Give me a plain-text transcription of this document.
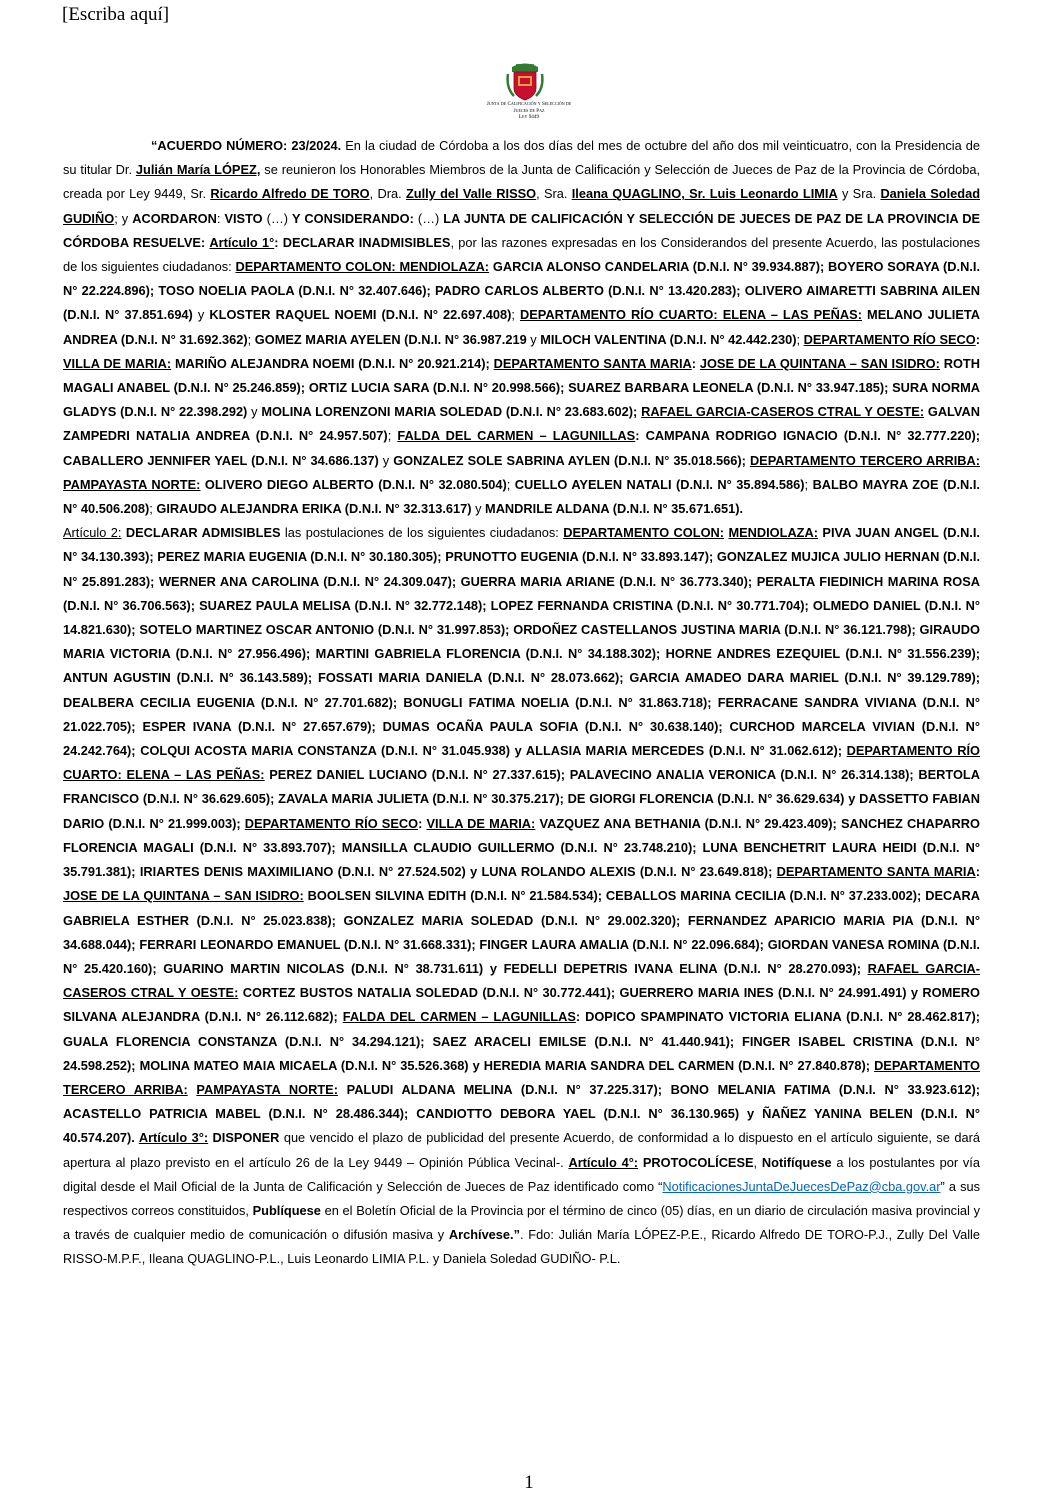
[Escriba aquí]
Junta de Calificación y Selección de
Jueces de Paz
Ley 9449

“ACUERDO NÚMERO: 23/2024. En la ciudad de Córdoba a los dos días del mes de octubre del año dos mil veinticuatro, con la Presidencia de su titular Dr. Julián María LÓPEZ, se reunieron los Honorables Miembros de la Junta de Calificación y Selección de Jueces de Paz de la Provincia de Córdoba, creada por Ley 9449, Sr. Ricardo Alfredo DE TORO, Dra. Zully del Valle RISSO, Sra. Ileana QUAGLINO, Sr. Luis Leonardo LIMIA y Sra. Daniela Soledad GUDIÑO; y ACORDARON: VISTO (…) Y CONSIDERANDO: (…) LA JUNTA DE CALIFICACIÓN Y SELECCIÓN DE JUECES DE PAZ DE LA PROVINCIA DE CÓRDOBA RESUELVE: Artículo 1°: DECLARAR INADMISIBLES, por las razones expresadas en los Considerandos del presente Acuerdo, las postulaciones de los siguientes ciudadanos: DEPARTAMENTO COLON: MENDIOLAZA: GARCIA ALONSO CANDELARIA (D.N.I. N° 39.934.887); BOYERO SORAYA (D.N.I. N° 22.224.896); TOSO NOELIA PAOLA (D.N.I. N° 32.407.646); PADRO CARLOS ALBERTO (D.N.I. N° 13.420.283); OLIVERO AIMARETTI SABRINA AILEN (D.N.I. N° 37.851.694) y KLOSTER RAQUEL NOEMI (D.N.I. N° 22.697.408); DEPARTAMENTO RÍO CUARTO: ELENA – LAS PEÑAS: MELANO JULIETA ANDREA (D.N.I. N° 31.692.362); GOMEZ MARIA AYELEN (D.N.I. N° 36.987.219 y MILOCH VALENTINA (D.N.I. N° 42.442.230); DEPARTAMENTO RÍO SECO: VILLA DE MARIA: MARIÑO ALEJANDRA NOEMI (D.N.I. N° 20.921.214); DEPARTAMENTO SANTA MARIA: JOSE DE LA QUINTANA – SAN ISIDRO: ROTH MAGALI ANABEL (D.N.I. N° 25.246.859); ORTIZ LUCIA SARA (D.N.I. N° 20.998.566); SUAREZ BARBARA LEONELA (D.N.I. N° 33.947.185); SURA NORMA GLADYS (D.N.I. N° 22.398.292) y MOLINA LORENZONI MARIA SOLEDAD (D.N.I. N° 23.683.602); RAFAEL GARCIA-CASEROS CTRAL Y OESTE: GALVAN ZAMPEDRI NATALIA ANDREA (D.N.I. N° 24.957.507); FALDA DEL CARMEN – LAGUNILLAS: CAMPANA RODRIGO IGNACIO (D.N.I. N° 32.777.220); CABALLERO JENNIFER YAEL (D.N.I. N° 34.686.137) y GONZALEZ SOLE SABRINA AYLEN (D.N.I. N° 35.018.566); DEPARTAMENTO TERCERO ARRIBA: PAMPAYASTA NORTE: OLIVERO DIEGO ALBERTO (D.N.I. N° 32.080.504); CUELLO AYELEN NATALI (D.N.I. N° 35.894.586); BALBO MAYRA ZOE (D.N.I. N° 40.506.208); GIRAUDO ALEJANDRA ERIKA (D.N.I. N° 32.313.617) y MANDRILE ALDANA (D.N.I. N° 35.671.651).

Artículo 2: DECLARAR ADMISIBLES las postulaciones de los siguientes ciudadanos: DEPARTAMENTO COLON: MENDIOLAZA: PIVA JUAN ANGEL (D.N.I. N° 34.130.393); PEREZ MARIA EUGENIA (D.N.I. N° 30.180.305); PRUNOTTO EUGENIA (D.N.I. N° 33.893.147); GONZALEZ MUJICA JULIO HERNAN (D.N.I. N° 25.891.283); WERNER ANA CAROLINA (D.N.I. N° 24.309.047); GUERRA MARIA ARIANE (D.N.I. N° 36.773.340); PERALTA FIEDINICH MARINA ROSA (D.N.I. N° 36.706.563); SUAREZ PAULA MELISA (D.N.I. N° 32.772.148); LOPEZ FERNANDA CRISTINA (D.N.I. N° 30.771.704); OLMEDO DANIEL (D.N.I. N° 14.821.630); SOTELO MARTINEZ OSCAR ANTONIO (D.N.I. N° 31.997.853); ORDOÑEZ CASTELLANOS JUSTINA MARIA (D.N.I. N° 36.121.798); GIRAUDO MARIA VICTORIA (D.N.I. N° 27.956.496); MARTINI GABRIELA FLORENCIA (D.N.I. N° 34.188.302); HORNE ANDRES EZEQUIEL (D.N.I. N° 31.556.239); ANTUN AGUSTIN (D.N.I. N° 36.143.589); FOSSATI MARIA DANIELA (D.N.I. N° 28.073.662); GARCIA AMADEO DARA MARIEL (D.N.I. N° 39.129.789); DEALBERA CECILIA EUGENIA (D.N.I. N° 27.701.682); BONUGLI FATIMA NOELIA (D.N.I. N° 31.863.718); FERRACANE SANDRA VIVIANA (D.N.I. N° 21.022.705); ESPER IVANA (D.N.I. N° 27.657.679); DUMAS OCAÑA PAULA SOFIA (D.N.I. N° 30.638.140); CURCHOD MARCELA VIVIAN (D.N.I. N° 24.242.764); COLQUI ACOSTA MARIA CONSTANZA (D.N.I. N° 31.045.938) y ALLASIA MARIA MERCEDES (D.N.I. N° 31.062.612); DEPARTAMENTO RÍO CUARTO: ELENA – LAS PEÑAS: PEREZ DANIEL LUCIANO (D.N.I. N° 27.337.615); PALAVECINO ANALIA VERONICA (D.N.I. N° 26.314.138); BERTOLA FRANCISCO (D.N.I. N° 36.629.605); ZAVALA MARIA JULIETA (D.N.I. N° 30.375.217); DE GIORGI FLORENCIA (D.N.I. N° 36.629.634) y DASSETTO FABIAN DARIO (D.N.I. N° 21.999.003); DEPARTAMENTO RÍO SECO: VILLA DE MARIA: VAZQUEZ ANA BETHANIA (D.N.I. N° 29.423.409); SANCHEZ CHAPARRO FLORENCIA MAGALI (D.N.I. N° 33.893.707); MANSILLA CLAUDIO GUILLERMO (D.N.I. N° 23.748.210); LUNA BENCHETRIT LAURA HEIDI (D.N.I. N° 35.791.381); IRIARTES DENIS MAXIMILIANO (D.N.I. N° 27.524.502) y LUNA ROLANDO ALEXIS (D.N.I. N° 23.649.818); DEPARTAMENTO SANTA MARIA: JOSE DE LA QUINTANA – SAN ISIDRO: BOOLSEN SILVINA EDITH (D.N.I. N° 21.584.534); CEBALLOS MARINA CECILIA (D.N.I. N° 37.233.002); DECARA GABRIELA ESTHER (D.N.I. N° 25.023.838); GONZALEZ MARIA SOLEDAD (D.N.I. N° 29.002.320); FERNANDEZ APARICIO MARIA PIA (D.N.I. N° 34.688.044); FERRARI LEONARDO EMANUEL (D.N.I. N° 31.668.331); FINGER LAURA AMALIA (D.N.I. N° 22.096.684); GIORDAN VANESA ROMINA (D.N.I. N° 25.420.160); GUARINO MARTIN NICOLAS (D.N.I. N° 38.731.611) y FEDELLI DEPETRIS IVANA ELINA (D.N.I. N° 28.270.093); RAFAEL GARCIA-CASEROS CTRAL Y OESTE: CORTEZ BUSTOS NATALIA SOLEDAD (D.N.I. N° 30.772.441); GUERRERO MARIA INES (D.N.I. N° 24.991.491) y ROMERO SILVANA ALEJANDRA (D.N.I. N° 26.112.682); FALDA DEL CARMEN – LAGUNILLAS: DOPICO SPAMPINATO VICTORIA ELIANA (D.N.I. N° 28.462.817); GUALA FLORENCIA CONSTANZA (D.N.I. N° 34.294.121); SAEZ ARACELI EMILSE (D.N.I. N° 41.440.941); FINGER ISABEL CRISTINA (D.N.I. N° 24.598.252); MOLINA MATEO MAIA MICAELA (D.N.I. N° 35.526.368) y HEREDIA MARIA SANDRA DEL CARMEN (D.N.I. N° 27.840.878); DEPARTAMENTO TERCERO ARRIBA: PAMPAYASTA NORTE: PALUDI ALDANA MELINA (D.N.I. N° 37.225.317); BONO MELANIA FATIMA (D.N.I. N° 33.923.612); ACASTELLO PATRICIA MABEL (D.N.I. N° 28.486.344); CANDIOTTO DEBORA YAEL (D.N.I. N° 36.130.965) y ÑAÑEZ YANINA BELEN (D.N.I. N° 40.574.207). Artículo 3°: DISPONER que vencido el plazo de publicidad del presente Acuerdo, de conformidad a lo dispuesto en el artículo siguiente, se dará apertura al plazo previsto en el artículo 26 de la Ley 9449 – Opinión Pública Vecinal-. Artículo 4°: PROTOCOLÍCESE, Notifíquese a los postulantes por vía digital desde el Mail Oficial de la Junta de Calificación y Selección de Jueces de Paz identificado como “NotificacionesJuntaDeJuecesDePaz@cba.gov.ar” a sus respectivos correos constituidos, Publíquese en el Boletín Oficial de la Provincia por el término de cinco (05) días, en un diario de circulación masiva provincial y a través de cualquier medio de comunicación o difusión masiva y Archívese.”. Fdo: Julián María LÓPEZ-P.E., Ricardo Alfredo DE TORO-P.J., Zully Del Valle RISSO-M.P.F., Ileana QUAGLINO-P.L., Luis Leonardo LIMIA P.L. y Daniela Soledad GUDIÑO- P.L.

1
